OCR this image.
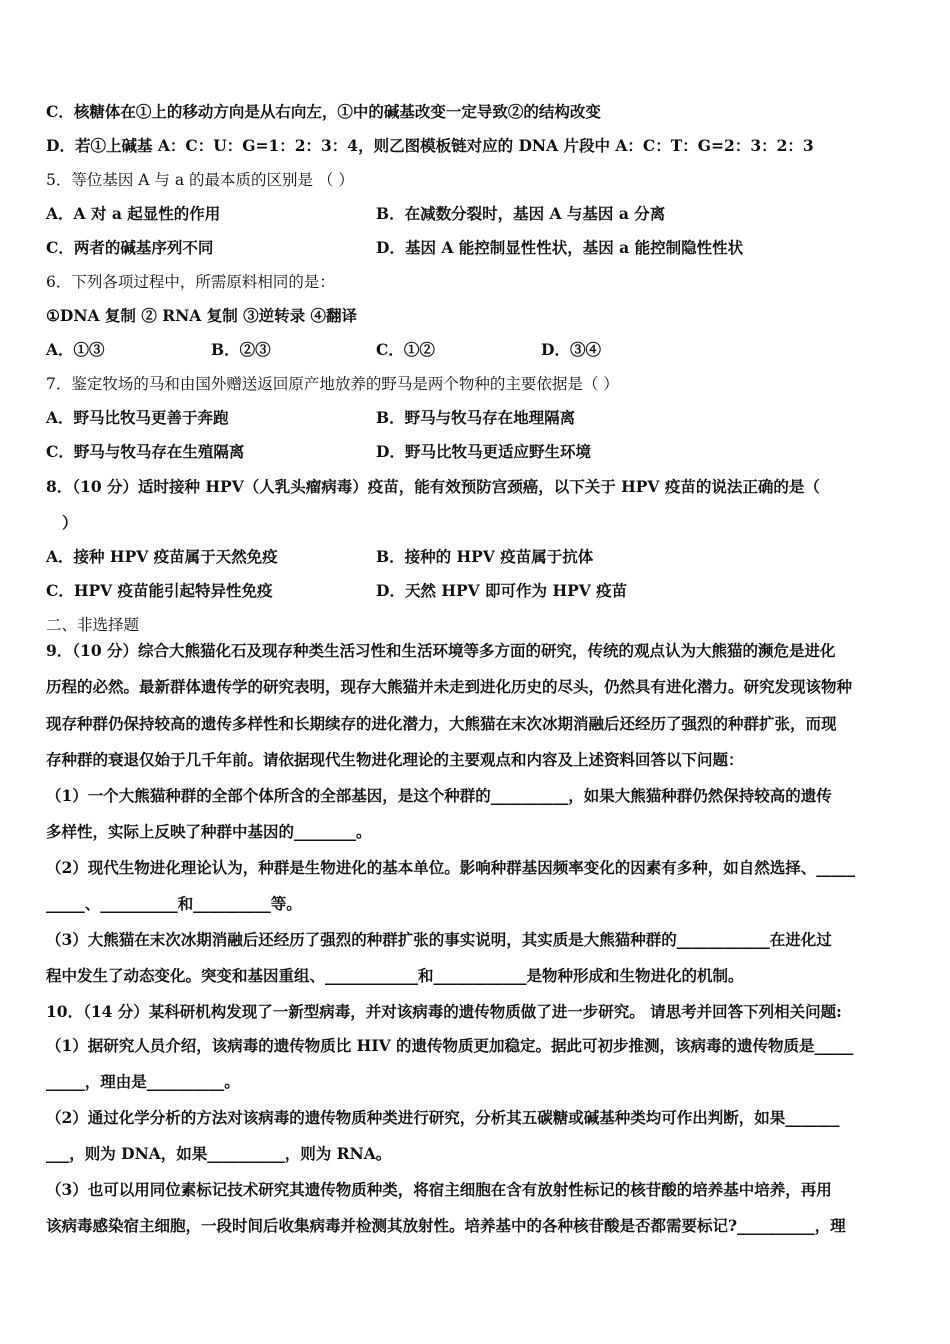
C．核糖体在①上的移动方向是从右向左，①中的碱基改变一定导致②的结构改变
D．若①上碱基 A：C：U：G=1：2：3：4，则乙图模板链对应的 DNA 片段中 A：C：T：G=2：3：2：3
5．等位基因 A 与 a 的最本质的区别是 （ ）
A．A 对 a 起显性的作用	B．在减数分裂时，基因 A 与基因 a 分离
C．两者的碱基序列不同	D．基因 A 能控制显性性状，基因 a 能控制隐性性状
6．下列各项过程中，所需原料相同的是：
①DNA 复制 ② RNA 复制 ③逆转录 ④翻译
A．①③	B．②③	C．①②	D．③④
7．鉴定牧场的马和由国外赠送返回原产地放养的野马是两个物种的主要依据是（ ）
A．野马比牧马更善于奔跑	B．野马与牧马存在地理隔离
C．野马与牧马存在生殖隔离	D．野马比牧马更适应野生环境
8．（10 分）适时接种 HPV（人乳头瘤病毒）疫苗，能有效预防宫颈癌，以下关于 HPV 疫苗的说法正确的是（
）
A．接种 HPV 疫苗属于天然免疫	B．接种的 HPV 疫苗属于抗体
C．HPV 疫苗能引起特异性免疫	D．天然 HPV 即可作为 HPV 疫苗
二、非选择题
9．（10 分）综合大熊猫化石及现存种类生活习性和生活环境等多方面的研究，传统的观点认为大熊猫的濒危是进化
历程的必然。最新群体遗传学的研究表明，现存大熊猫并未走到进化历史的尽头，仍然具有进化潜力。研究发现该物种
现存种群仍保持较高的遗传多样性和长期续存的进化潜力，大熊猫在末次冰期消融后还经历了强烈的种群扩张，而现
存种群的衰退仅始于几千年前。请依据现代生物进化理论的主要观点和内容及上述资料回答以下问题：
（1）一个大熊猫种群的全部个体所含的全部基因，是这个种群的__________，如果大熊猫种群仍然保持较高的遗传
多样性，实际上反映了种群中基因的________。
（2）现代生物进化理论认为，种群是生物进化的基本单位。影响种群基因频率变化的因素有多种，如自然选择、_____
_____、__________和__________等。
（3）大熊猫在末次冰期消融后还经历了强烈的种群扩张的事实说明，其实质是大熊猫种群的____________在进化过
程中发生了动态变化。突变和基因重组、____________和____________是物种形成和生物进化的机制。
10．（14 分）某科研机构发现了一新型病毒，并对该病毒的遗传物质做了进一步研究。 请思考并回答下列相关问题:
（1）据研究人员介绍，该病毒的遗传物质比 HIV 的遗传物质更加稳定。据此可初步推测，该病毒的遗传物质是_____
_____，理由是__________。
（2）通过化学分析的方法对该病毒的遗传物质种类进行研究，分析其五碳糖或碱基种类均可作出判断，如果_______
___，则为 DNA，如果__________，则为 RNA。
（3）也可以用同位素标记技术研究其遗传物质种类，将宿主细胞在含有放射性标记的核苷酸的培养基中培养，再用
该病毒感染宿主细胞，一段时间后收集病毒并检测其放射性。培养基中的各种核苷酸是否都需要标记?__________，理
